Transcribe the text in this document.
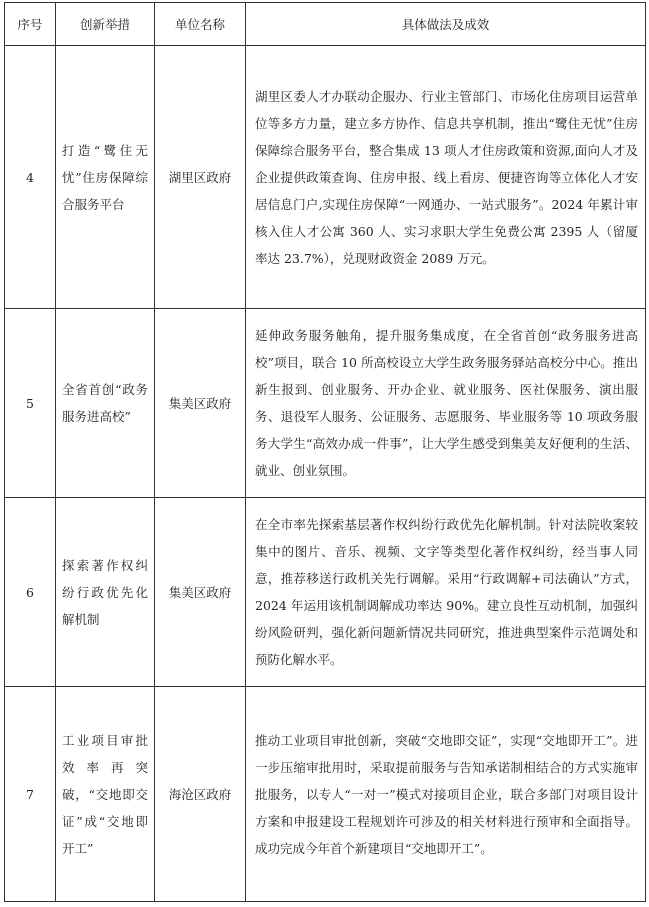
序号	创新举措	单位名称	具体做法及成效
4	打造“鹭住无忧”住房保障综合服务平台	湖里区政府	湖里区委人才办联动企服办、行业主管部门、市场化住房项目运营单位等多方力量，建立多方协作、信息共享机制，推出“鹭住无忧”住房保障综合服务平台，整合集成 13 项人才住房政策和资源,面向人才及企业提供政策查询、住房申报、线上看房、便捷咨询等立体化人才安居信息门户,实现住房保障“一网通办、一站式服务”。2024 年累计审核入住人才公寓 360 人、实习求职大学生免费公寓 2395 人（留厦率达 23.7%），兑现财政资金 2089 万元。
5	全省首创“政务服务进高校”	集美区政府	延伸政务服务触角，提升服务集成度，在全省首创“政务服务进高校”项目，联合 10 所高校设立大学生政务服务驿站高校分中心。推出新生报到、创业服务、开办企业、就业服务、医社保服务、演出服务、退役军人服务、公证服务、志愿服务、毕业服务等 10 项政务服务大学生“高效办成一件事”，让大学生感受到集美友好便利的生活、就业、创业氛围。
6	探索著作权纠纷行政优先化解机制	集美区政府	在全市率先探索基层著作权纠纷行政优先化解机制。针对法院收案较集中的图片、音乐、视频、文字等类型化著作权纠纷，经当事人同意，推荐移送行政机关先行调解。采用“行政调解+司法确认”方式，2024 年运用该机制调解成功率达 90%。建立良性互动机制，加强纠纷风险研判，强化新问题新情况共同研究，推进典型案件示范调处和预防化解水平。
7	工业项目审批效率再突破，“交地即交证”成“交地即开工”	海沧区政府	推动工业项目审批创新，突破“交地即交证”，实现“交地即开工”。进一步压缩审批用时，采取提前服务与告知承诺制相结合的方式实施审批服务，以专人“一对一”模式对接项目企业，联合多部门对项目设计方案和申报建设工程规划许可涉及的相关材料进行预审和全面指导。成功完成今年首个新建项目“交地即开工”。
